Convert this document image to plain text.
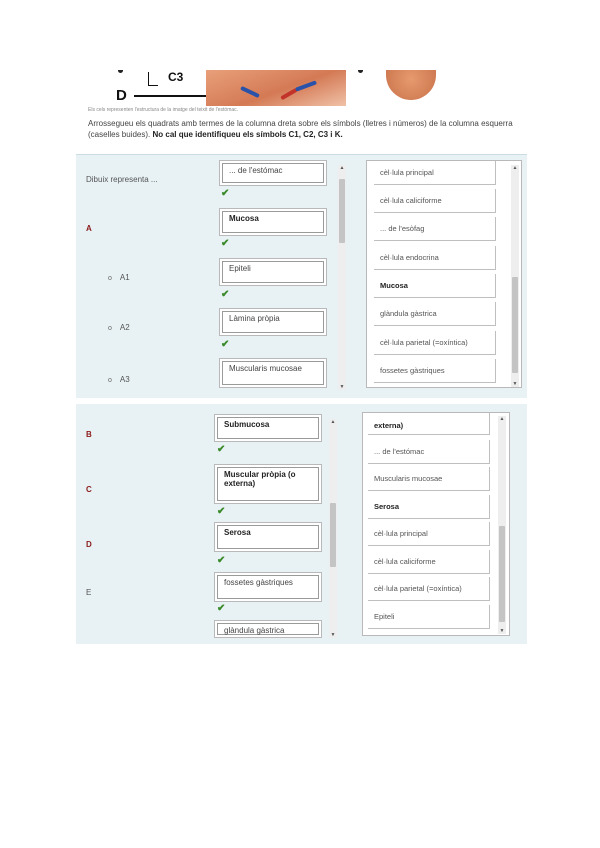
C3
D
Els cels representen l'estructura de la imatge del teixit de l'estómac.
Arrossegueu els quadrats amb termes de la columna dreta sobre els símbols (lletres i números) de la columna esquerra (caselles buides). No cal que identifiqueu els símbols C1, C2, C3 i K.
Dibuix representa ...
A
o A1
o A2
o A3
... de l'estómac
✔
Mucosa
✔
Epiteli
✔
Làmina pròpia
✔
Muscularis mucosae
▲
▼
cèl·lula principal
cèl·lula caliciforme
... de l'esòfag
cèl·lula endocrina
Mucosa
glàndula gàstrica
cèl·lula parietal (=oxíntica)
fossetes gàstriques
▲
▼
B
C
D
E
Submucosa
✔
Muscular pròpia (o externa)
✔
Serosa
✔
fossetes gàstriques
✔
glàndula gàstrica
▲
▼
externa)
... de l'estómac
Muscularis mucosae
Serosa
cèl·lula principal
cèl·lula caliciforme
cèl·lula parietal (=oxíntica)
Epiteli
▲
▼
